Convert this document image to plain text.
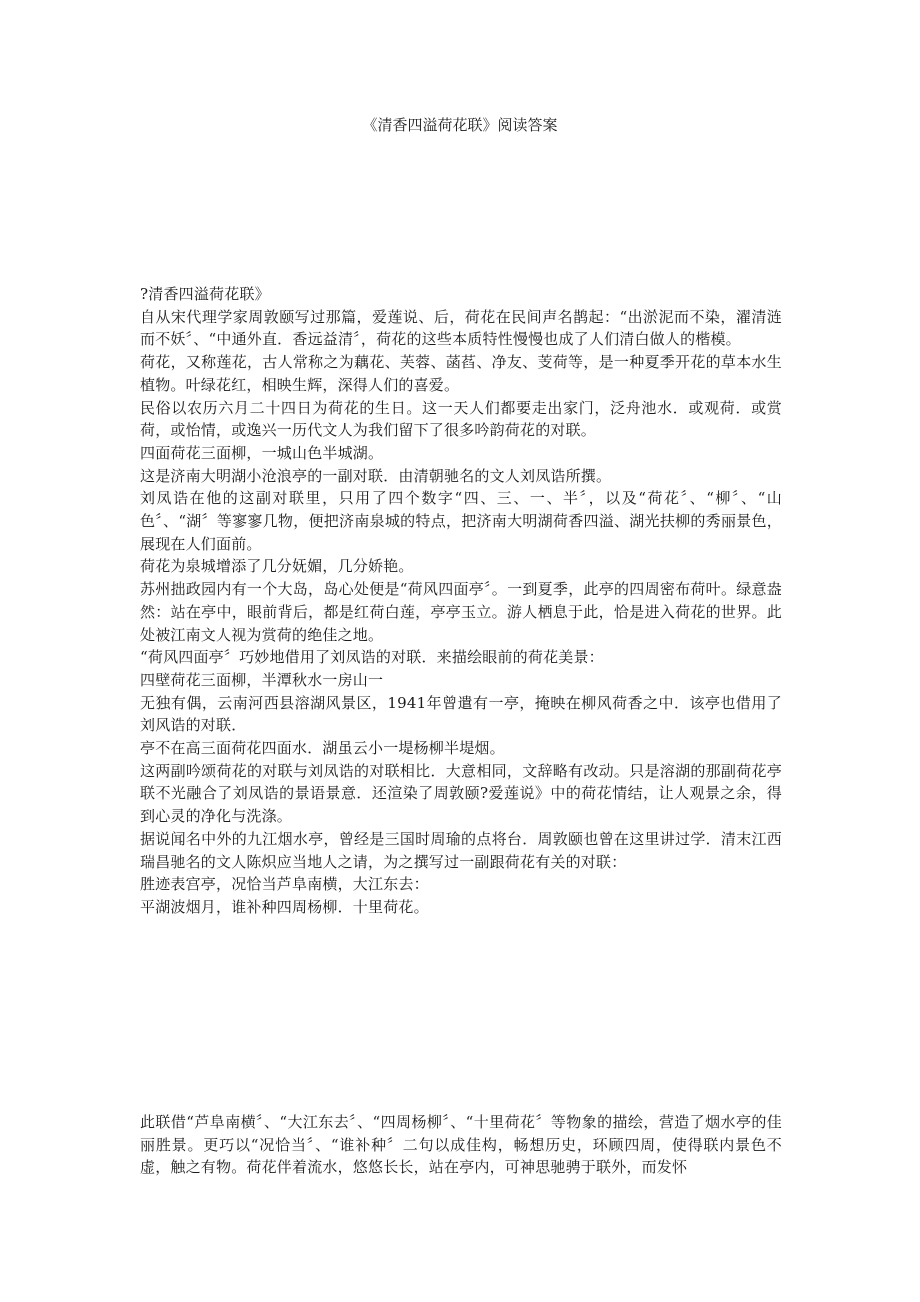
《清香四溢荷花联》阅读答案

?清香四溢荷花联》

自从宋代理学家周敦颐写过那篇，爱莲说、后，荷花在民间声名鹊起：“出淤泥而不染，濯清涟而不妖〞、“中通外直．香远益清〞，荷花的这些本质特性慢慢也成了人们清白做人的楷模。

荷花，又称莲花，古人常称之为藕花、芙蓉、菡萏、净友、芰荷等，是一种夏季开花的草本水生植物。叶绿花红，相映生辉，深得人们的喜爱。

民俗以农历六月二十四日为荷花的生日。这一天人们都要走出家门，泛舟池水．或观荷．或赏荷，或怡情，或逸兴一历代文人为我们留下了很多吟韵荷花的对联。

四面荷花三面柳，一城山色半城湖。

这是济南大明湖小沧浪亭的一副对联．由清朝驰名的文人刘凤诰所撰。

刘凤诰在他的这副对联里，只用了四个数字“四、三、一、半〞，以及“荷花〞、“柳〞、“山色〞、“湖〞等寥寥几物，便把济南泉城的特点，把济南大明湖荷香四溢、湖光扶柳的秀丽景色，展现在人们面前。

荷花为泉城增添了几分妩媚，几分娇艳。

苏州拙政园内有一个大岛，岛心处便是“荷风四面亭〞。一到夏季，此亭的四周密布荷叶。绿意盎然：站在亭中，眼前背后，都是红荷白莲，亭亭玉立。游人栖息于此，恰是进入荷花的世界。此处被江南文人视为赏荷的绝佳之地。

“荷风四面亭〞巧妙地借用了刘凤诰的对联．来描绘眼前的荷花美景：

四壁荷花三面柳，半潭秋水一房山一

无独有偶，云南河西县溶湖风景区，1941年曾遣有一亭，掩映在柳风荷香之中．该亭也借用了刘风诰的对联．

亭不在高三面荷花四面水．湖虽云小一堤杨柳半堤烟。

这两副吟颂荷花的对联与刘凤诰的对联相比．大意相同，文辞略有改动。只是溶湖的那副荷花亭联不光融合了刘凤诰的景语景意．还渲染了周敦颐?爱莲说》中的荷花情结，让人观景之余，得到心灵的净化与洗涤。

据说闻名中外的九江烟水亭，曾经是三国时周瑜的点将台．周敦颐也曾在这里讲过学．清末江西瑞昌驰名的文人陈炽应当地人之请，为之撰写过一副跟荷花有关的对联：

胜迹表宫亭，况恰当芦阜南横，大江东去：

平湖波烟月，谁补种四周杨柳．十里荷花。

此联借“芦阜南横〞、“大江东去〞、“四周杨柳〞、“十里荷花〞等物象的描绘，营造了烟水亭的佳丽胜景。更巧以“况恰当〞、“谁补种〞二句以成佳构，畅想历史，环顾四周，使得联内景色不虚，触之有物。荷花伴着流水，悠悠长长，站在亭内，可神思驰骋于联外，而发怀
